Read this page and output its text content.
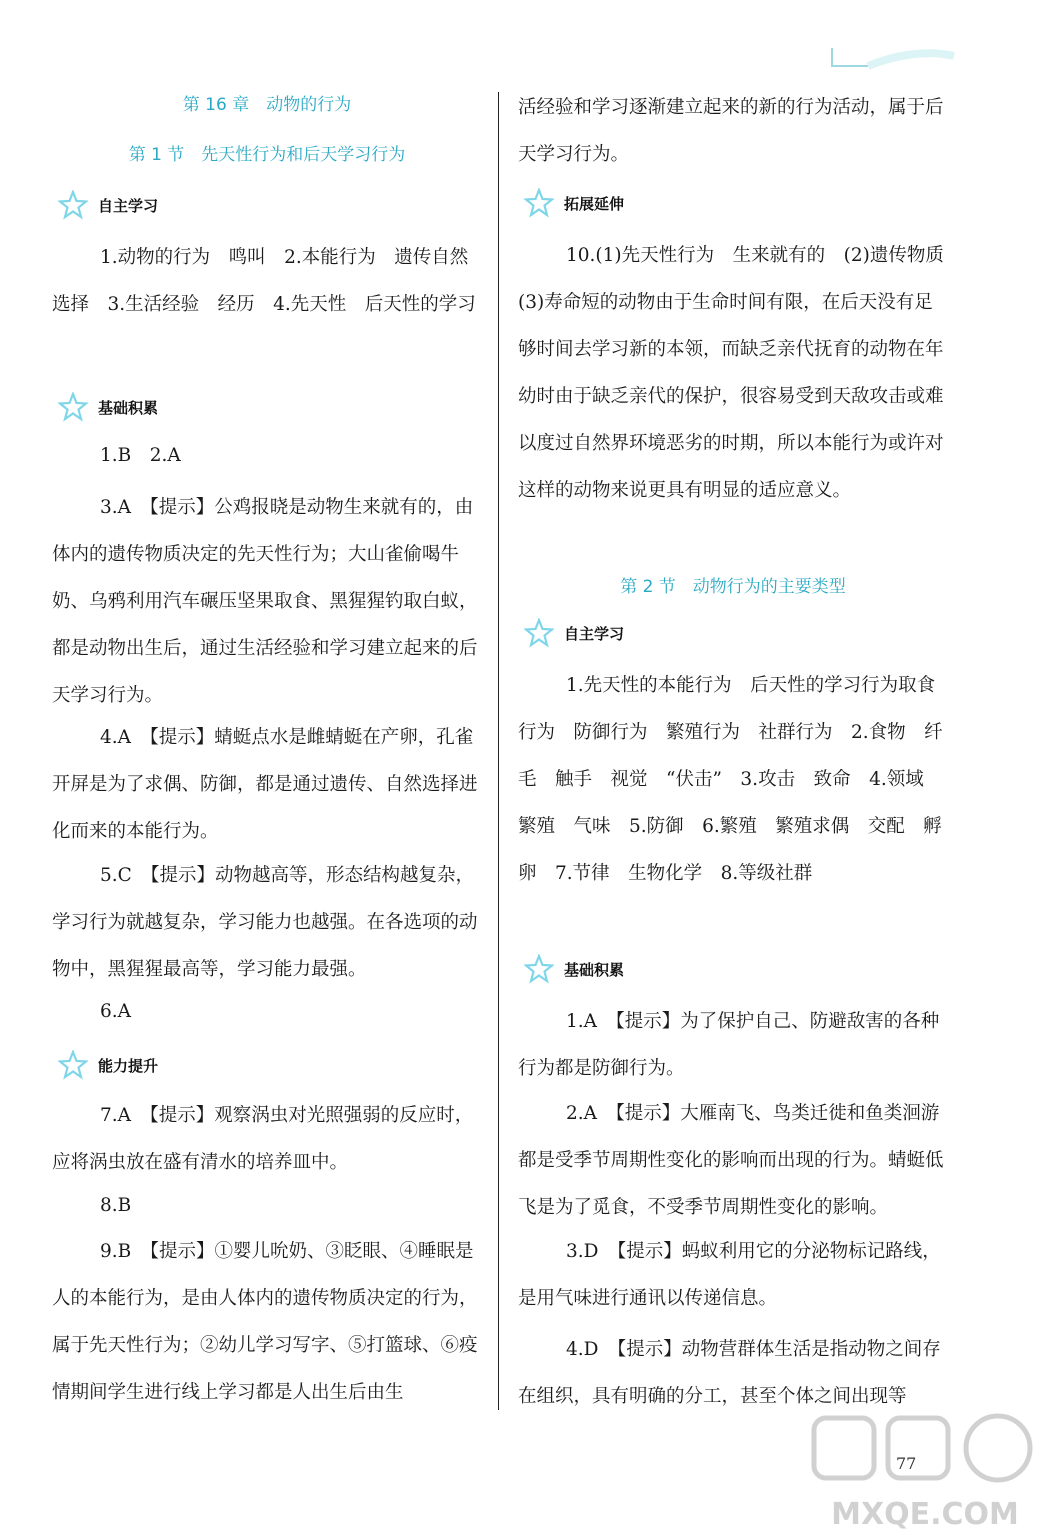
第 16 章　动物的行为
第 1 节　先天性行为和后天学习行为
自主学习
1.动物的行为　鸣叫　2.本能行为　遗传自然选择　3.生活经验　经历　4.先天性　后天性的学习
基础积累
1.B　2.A
3.A　【提示】公鸡报晓是动物生来就有的，由体内的遗传物质决定的先天性行为；大山雀偷喝牛奶、乌鸦利用汽车碾压坚果取食、黑猩猩钓取白蚁，都是动物出生后，通过生活经验和学习建立起来的后天学习行为。
4.A　【提示】蜻蜓点水是雌蜻蜓在产卵，孔雀开屏是为了求偶、防御，都是通过遗传、自然选择进化而来的本能行为。
5.C　【提示】动物越高等，形态结构越复杂，学习行为就越复杂，学习能力也越强。在各选项的动物中，黑猩猩最高等，学习能力最强。
6.A
能力提升
7.A　【提示】观察涡虫对光照强弱的反应时，应将涡虫放在盛有清水的培养皿中。
8.B
9.B　【提示】①婴儿吮奶、③眨眼、④睡眠是人的本能行为，是由人体内的遗传物质决定的行为，属于先天性行为；②幼儿学习写字、⑤打篮球、⑥疫情期间学生进行线上学习都是人出生后由生
活经验和学习逐渐建立起来的新的行为活动，属于后天学习行为。
拓展延伸
10.(1)先天性行为　生来就有的　(2)遗传物质　(3)寿命短的动物由于生命时间有限，在后天没有足够时间去学习新的本领，而缺乏亲代抚育的动物在年幼时由于缺乏亲代的保护，很容易受到天敌攻击或难以度过自然界环境恶劣的时期，所以本能行为或许对这样的动物来说更具有明显的适应意义。
第 2 节　动物行为的主要类型
自主学习
1.先天性的本能行为　后天性的学习行为取食行为　防御行为　繁殖行为　社群行为　2.食物　纤毛　触手　视觉　“伏击”　3.攻击　致命　4.领域　繁殖　气味　5.防御　6.繁殖　繁殖求偶　交配　孵卵　7.节律　生物化学　8.等级社群
基础积累
1.A　【提示】为了保护自己、防避敌害的各种行为都是防御行为。
2.A　【提示】大雁南飞、鸟类迁徙和鱼类洄游都是受季节周期性变化的影响而出现的行为。蜻蜓低飞是为了觅食，不受季节周期性变化的影响。
3.D　【提示】蚂蚁利用它的分泌物标记路线，是用气味进行通讯以传递信息。
4.D　【提示】动物营群体生活是指动物之间存在组织，具有明确的分工，甚至个体之间出现等
77
MXQE.COM
